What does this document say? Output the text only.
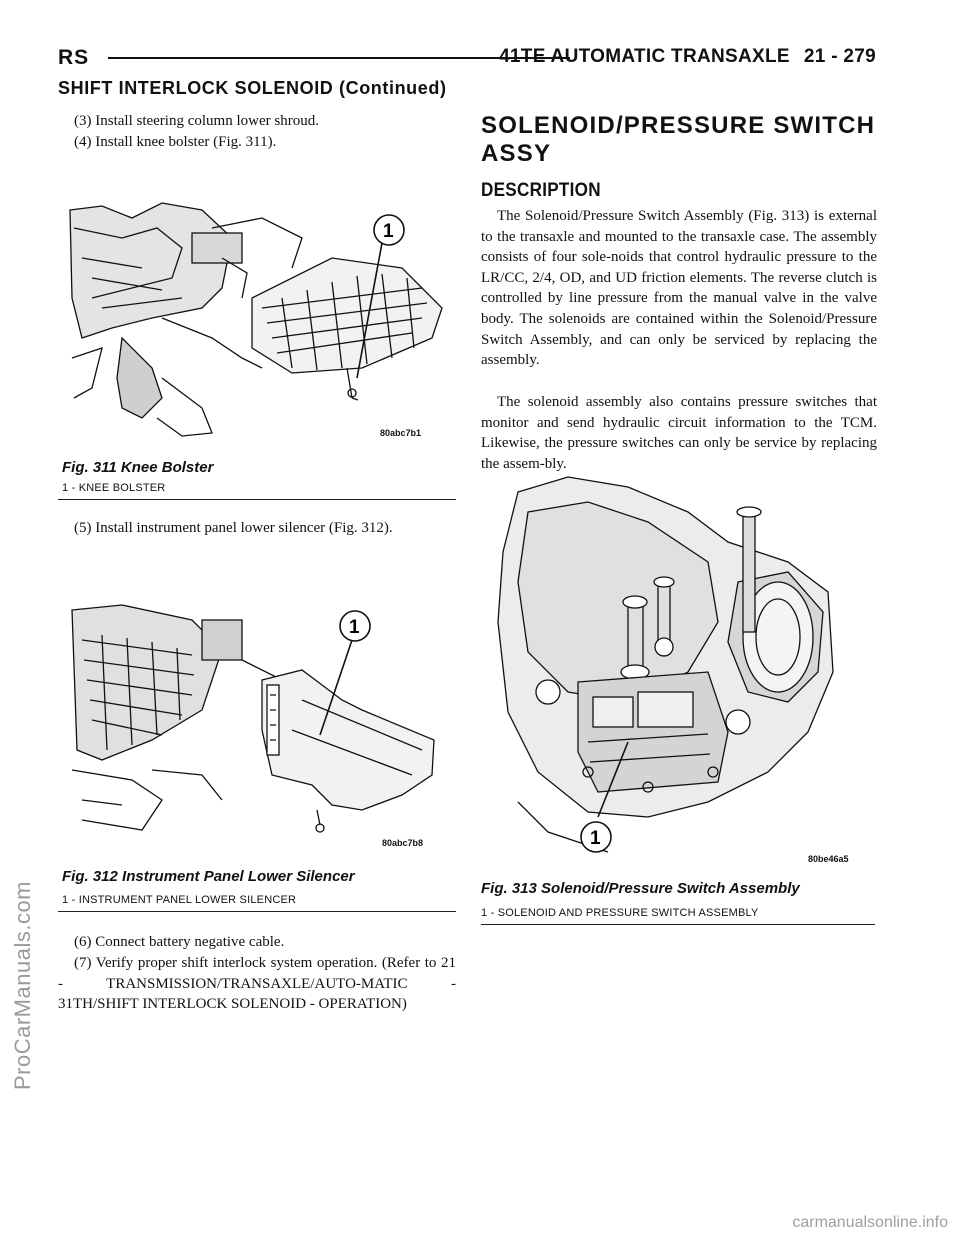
RS	41TE AUTOMATIC TRANSAXLE 21 - 279
SHIFT INTERLOCK SOLENOID (Continued)

(3) Install steering column lower shroud.

(4) Install knee bolster (Fig. 311).

1
80abc7b1
Fig. 311 Knee Bolster
1 - KNEE BOLSTER

(5) Install instrument panel lower silencer (Fig. 312).

1
80abc7b8
Fig. 312 Instrument Panel Lower Silencer
1 - INSTRUMENT PANEL LOWER SILENCER

(6) Connect battery negative cable.

(7) Verify proper shift interlock system operation. (Refer to 21 - TRANSMISSION/TRANSAXLE/AUTO-MATIC - 31TH/SHIFT INTERLOCK SOLENOID - OPERATION)

SOLENOID/PRESSURE SWITCH ASSY
DESCRIPTION

The Solenoid/Pressure Switch Assembly (Fig. 313) is external to the transaxle and mounted to the transaxle case. The assembly consists of four sole-noids that control hydraulic pressure to the LR/CC, 2/4, OD, and UD friction elements. The reverse clutch is controlled by line pressure from the manual valve in the valve body. The solenoids are contained within the Solenoid/Pressure Switch Assembly, and can only be serviced by replacing the assembly.

The solenoid assembly also contains pressure switches that monitor and send hydraulic circuit information to the TCM. Likewise, the pressure switches can only be service by replacing the assem-bly.

1
80be46a5
Fig. 313 Solenoid/Pressure Switch Assembly
1 - SOLENOID AND PRESSURE SWITCH ASSEMBLY
ProCarManuals.com
carmanualsonline.info
